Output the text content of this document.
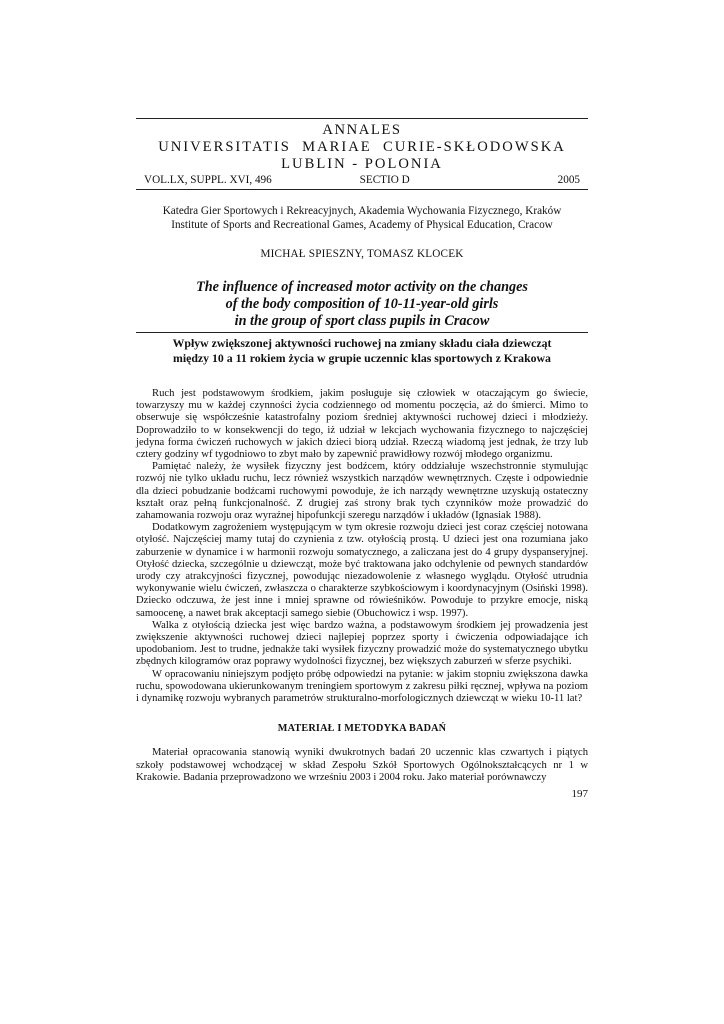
ANNALES
UNIVERSITATIS  MARIAE  CURIE-SKŁODOWSKA
LUBLIN - POLONIA
VOL.LX, SUPPL. XVI, 496	SECTIO D	2005
Katedra Gier Sportowych i Rekreacyjnych, Akademia Wychowania Fizycznego, Kraków
Institute of Sports and Recreational Games, Academy of Physical Education, Cracow
MICHAŁ SPIESZNY, TOMASZ KLOCEK
The influence of increased motor activity on the changes
of the body composition of 10-11-year-old girls
in the group of sport class pupils in Cracow
Wpływ zwiększonej aktywności ruchowej na zmiany składu ciała dziewcząt
między 10 a 11 rokiem życia w grupie uczennic klas sportowych z Krakowa

Ruch jest podstawowym środkiem, jakim posługuje się człowiek w otaczającym go świecie, towarzyszy mu w każdej czynności życia codziennego od momentu poczęcia, aż do śmierci. Mimo to obserwuje się współcześnie katastrofalny poziom średniej aktywności ruchowej dzieci i młodzieży. Doprowadziło to w konsekwencji do tego, iż udział w lekcjach wychowania fizycznego to najczęściej jedyna forma ćwiczeń ruchowych w jakich dzieci biorą udział. Rzeczą wiadomą jest jednak, że trzy lub cztery godziny wf tygodniowo to zbyt mało by zapewnić prawidłowy rozwój młodego organizmu.

Pamiętać należy, że wysiłek fizyczny jest bodźcem, który oddziałuje wszechstronnie stymulując rozwój nie tylko układu ruchu, lecz również wszystkich narządów wewnętrznych. Częste i odpowiednie dla dzieci pobudzanie bodźcami ruchowymi powoduje, że ich narządy wewnętrzne uzyskują ostateczny kształt oraz pełną funkcjonalność. Z drugiej zaś strony brak tych czynników może prowadzić do zahamowania rozwoju oraz wyraźnej hipofunkcji szeregu narządów i układów (Ignasiak 1988).

Dodatkowym zagrożeniem występującym w tym okresie rozwoju dzieci jest coraz częściej notowana otyłość. Najczęściej mamy tutaj do czynienia z tzw. otyłością prostą. U dzieci jest ona rozumiana jako zaburzenie w dynamice i w harmonii rozwoju somatycznego, a zaliczana jest do 4 grupy dyspanseryjnej. Otyłość dziecka, szczególnie u dziewcząt, może być traktowana jako odchylenie od pewnych standardów urody czy atrakcyjności fizycznej, powodując niezadowolenie z własnego wyglądu. Otyłość utrudnia wykonywanie wielu ćwiczeń, zwłaszcza o charakterze szybkościowym i koordynacyjnym (Osiński 1998). Dziecko odczuwa, że jest inne i mniej sprawne od rówieśników. Powoduje to przykre emocje, niską samoocenę, a nawet brak akceptacji samego siebie (Obuchowicz i wsp. 1997).

Walka z otyłością dziecka jest więc bardzo ważna, a podstawowym środkiem jej prowadzenia jest zwiększenie aktywności ruchowej dzieci najlepiej poprzez sporty i ćwiczenia odpowiadające ich upodobaniom. Jest to trudne, jednakże taki wysiłek fizyczny prowadzić może do systematycznego ubytku zbędnych kilogramów oraz poprawy wydolności fizycznej, bez większych zaburzeń w sferze psychiki.

W opracowaniu niniejszym podjęto próbę odpowiedzi na pytanie: w jakim stopniu zwiększona dawka ruchu, spowodowana ukierunkowanym treningiem sportowym z zakresu piłki ręcznej, wpływa na poziom i dynamikę rozwoju wybranych parametrów strukturalno-morfologicznych dziewcząt w wieku 10-11 lat?

MATERIAŁ I METODYKA BADAŃ

Materiał opracowania stanowią wyniki dwukrotnych badań 20 uczennic klas czwartych i piątych szkoły podstawowej wchodzącej w skład Zespołu Szkół Sportowych Ogólnokształcących nr 1 w Krakowie. Badania przeprowadzono we wrześniu 2003 i 2004 roku. Jako materiał porównawczy

197
